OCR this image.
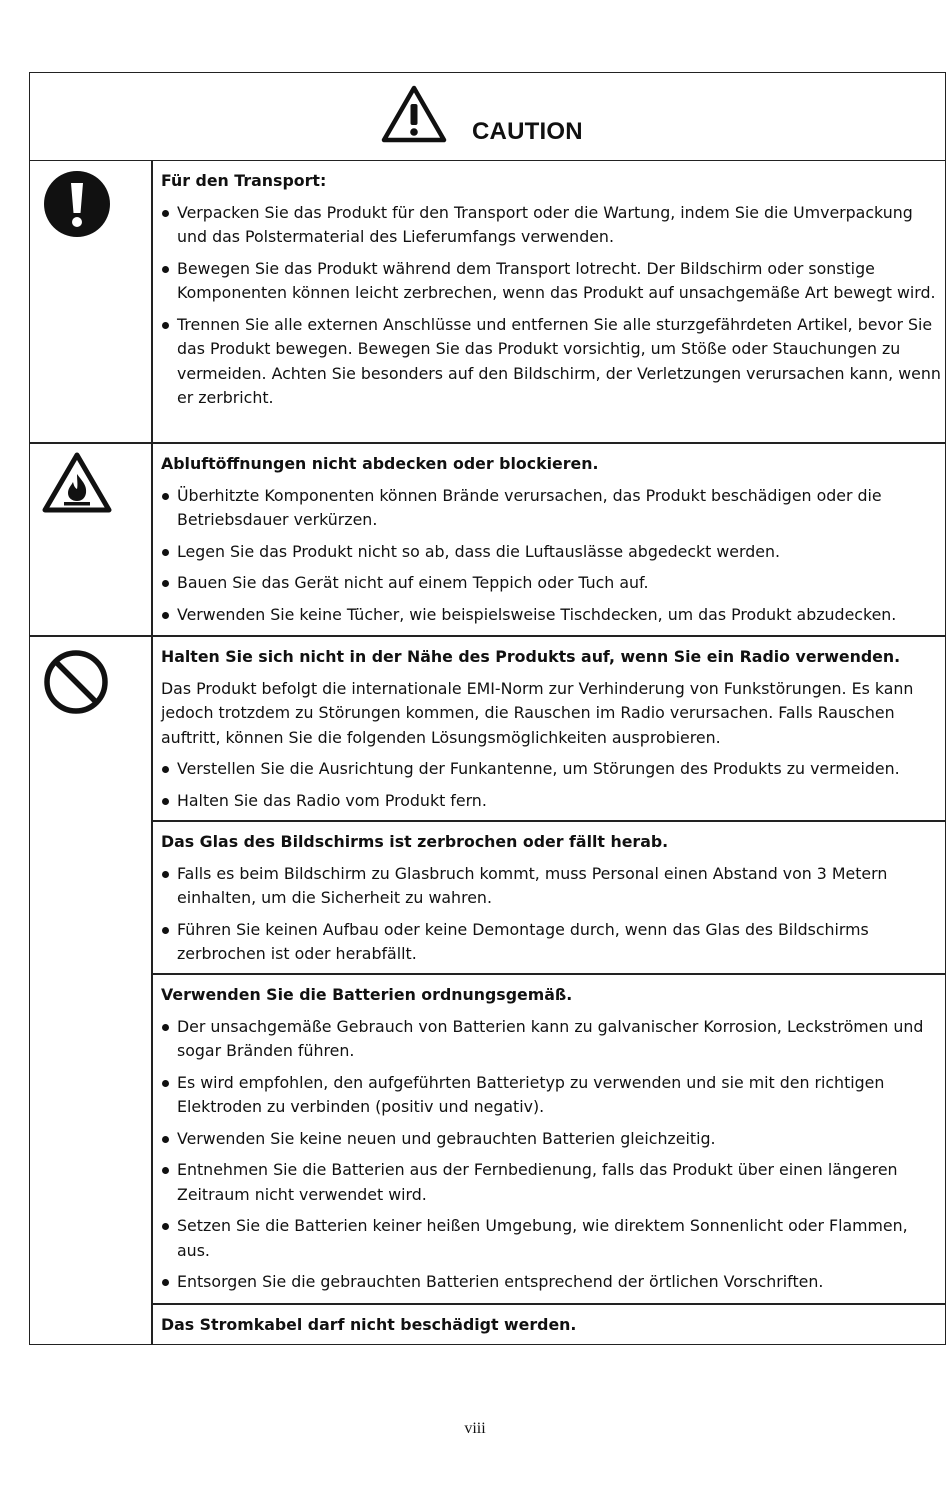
CAUTION
Für den Transport:
Verpacken Sie das Produkt für den Transport oder die Wartung, indem Sie die Umverpackung und das Polstermaterial des Lieferumfangs verwenden.
Bewegen Sie das Produkt während dem Transport lotrecht. Der Bildschirm oder sonstige Komponenten können leicht zerbrechen, wenn das Produkt auf unsachgemäße Art bewegt wird.
Trennen Sie alle externen Anschlüsse und entfernen Sie alle sturzgefährdeten Artikel, bevor Sie das Produkt bewegen. Bewegen Sie das Produkt vorsichtig, um Stöße oder Stauchungen zu vermeiden. Achten Sie besonders auf den Bildschirm, der Verletzungen verursachen kann, wenn er zerbricht.
Abluftöffnungen nicht abdecken oder blockieren.
Überhitzte Komponenten können Brände verursachen, das Produkt beschädigen oder die Betriebsdauer verkürzen.
Legen Sie das Produkt nicht so ab, dass die Luftauslässe abgedeckt werden.
Bauen Sie das Gerät nicht auf einem Teppich oder Tuch auf.
Verwenden Sie keine Tücher, wie beispielsweise Tischdecken, um das Produkt abzudecken.
Halten Sie sich nicht in der Nähe des Produkts auf, wenn Sie ein Radio verwenden.

Das Produkt befolgt die internationale EMI-Norm zur Verhinderung von Funkstörungen. Es kann jedoch trotzdem zu Störungen kommen, die Rauschen im Radio verursachen. Falls Rauschen auftritt, können Sie die folgenden Lösungsmöglichkeiten ausprobieren.

Verstellen Sie die Ausrichtung der Funkantenne, um Störungen des Produkts zu vermeiden.
Halten Sie das Radio vom Produkt fern.
Das Glas des Bildschirms ist zerbrochen oder fällt herab.
Falls es beim Bildschirm zu Glasbruch kommt, muss Personal einen Abstand von 3 Metern einhalten, um die Sicherheit zu wahren.
Führen Sie keinen Aufbau oder keine Demontage durch, wenn das Glas des Bildschirms zerbrochen ist oder herabfällt.
Verwenden Sie die Batterien ordnungsgemäß.
Der unsachgemäße Gebrauch von Batterien kann zu galvanischer Korrosion, Leckströmen und sogar Bränden führen.
Es wird empfohlen, den aufgeführten Batterietyp zu verwenden und sie mit den richtigen Elektroden zu verbinden (positiv und negativ).
Verwenden Sie keine neuen und gebrauchten Batterien gleichzeitig.
Entnehmen Sie die Batterien aus der Fernbedienung, falls das Produkt über einen längeren Zeitraum nicht verwendet wird.
Setzen Sie die Batterien keiner heißen Umgebung, wie direktem Sonnenlicht oder Flammen, aus.
Entsorgen Sie die gebrauchten Batterien entsprechend der örtlichen Vorschriften.
Das Stromkabel darf nicht beschädigt werden.
viii
